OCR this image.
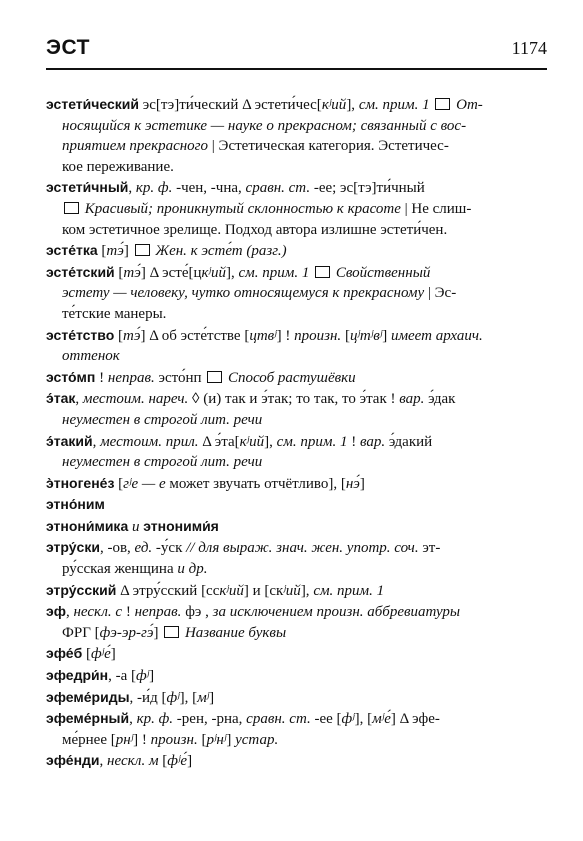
ЭСТ	1174
эстети́ческий эс[тэ]ти́ческий Δ эстети́чес[кʲий], см. прим. 1  От-
носящийся к эстетике — науке о прекрасном; связанный с вос-
приятием прекрасного | Эстетическая категория. Эстетичес-
кое переживание.
эстети́чный, кр. ф. -чен, -чна, сравн. ст. -ее; эс[тэ]ти́чный
Красивый; проникнутый склонностью к красоте | Не слиш-
ком эстетичное зрелище. Подход автора излишне эстети́чен.
эсте́тка [тэ́]  Жен. к эсте́т (разг.)
эсте́тский [тэ́] Δ эсте́[цкʲий], см. прим. 1  Свойственный
эстету — человеку, чутко относящемуся к прекрасному | Эс-
те́тские манеры.
эсте́тство [тэ́] Δ об эсте́тстве [цтвʲ] ! произн. [цʲтʲвʲ] имеет архаич.
оттенок
эсто́мп ! неправ. эсто́нп  Способ растушёвки
э́так, местоим. нареч. ◊ (и) так и э́так; то так, то э́так ! вар. э́дак
неуместен в строгой лит. речи
э́такий, местоим. прил. Δ э́та[кʲий], см. прим. 1 ! вар. э́дакий
неуместен в строгой лит. речи
э̀тногене́з [гʲе — е может звучать отчётливо], [нэ́]
этно́ним
этнони́мика и этноними́я
этру́ски, -ов, ед. -у́ск // для выраж. знач. жен. употр. соч. эт-
ру́сская женщина и др.
этру́сский Δ этру́сский [сскʲий] и [скʲий], см. прим. 1
эф, нескл. с ! неправ. фэ , за исключением произн. аббревиатуры
ФРГ [фэ-эр-гэ́]  Название буквы
эфе́б [фʲе́]
эфедри́н, -а [фʲ]
эфеме́риды, -и́д [фʲ], [мʲ]
эфеме́рный, кр. ф. -рен, -рна, сравн. ст. -ее [фʲ], [мʲе́] Δ эфе-
ме́рнее [рнʲ] ! произн. [рʲнʲ] устар.
эфе́нди, нескл. м [фʲе́]
